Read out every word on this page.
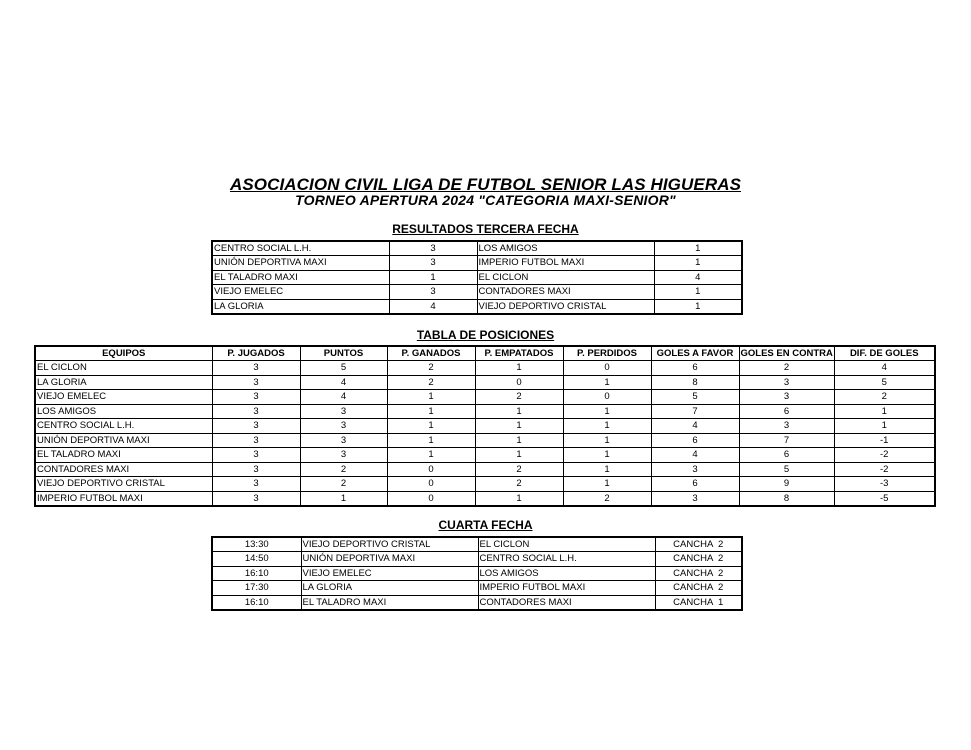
ASOCIACION CIVIL LIGA DE FUTBOL SENIOR LAS HIGUERAS
TORNEO APERTURA 2024 "CATEGORIA MAXI-SENIOR"
RESULTADOS TERCERA FECHA
CENTRO SOCIAL L.H.	3	LOS AMIGOS	1
UNIÓN DEPORTIVA MAXI	3	IMPERIO FUTBOL MAXI	1
EL TALADRO MAXI	1	EL CICLON	4
VIEJO EMELEC	3	CONTADORES MAXI	1
LA GLORIA	4	VIEJO DEPORTIVO CRISTAL	1
TABLA DE POSICIONES
EQUIPOS	P. JUGADOS	PUNTOS	P. GANADOS	P. EMPATADOS	P. PERDIDOS	GOLES A FAVOR	GOLES EN CONTRA	DIF. DE GOLES
EL CICLON	3	5	2	1	0	6	2	4
LA GLORIA	3	4	2	0	1	8	3	5
VIEJO EMELEC	3	4	1	2	0	5	3	2
LOS AMIGOS	3	3	1	1	1	7	6	1
CENTRO SOCIAL L.H.	3	3	1	1	1	4	3	1
UNIÓN DEPORTIVA MAXI	3	3	1	1	1	6	7	-1
EL TALADRO MAXI	3	3	1	1	1	4	6	-2
CONTADORES MAXI	3	2	0	2	1	3	5	-2
VIEJO DEPORTIVO CRISTAL	3	2	0	2	1	6	9	-3
IMPERIO FUTBOL MAXI	3	1	0	1	2	3	8	-5
CUARTA FECHA
13:30	VIEJO DEPORTIVO CRISTAL	EL CICLON	CANCHA  2
14:50	UNIÓN DEPORTIVA MAXI	CENTRO SOCIAL L.H.	CANCHA  2
16:10	VIEJO EMELEC	LOS AMIGOS	CANCHA  2
17:30	LA GLORIA	IMPERIO FUTBOL MAXI	CANCHA  2
16:10	EL TALADRO MAXI	CONTADORES MAXI	CANCHA  1
